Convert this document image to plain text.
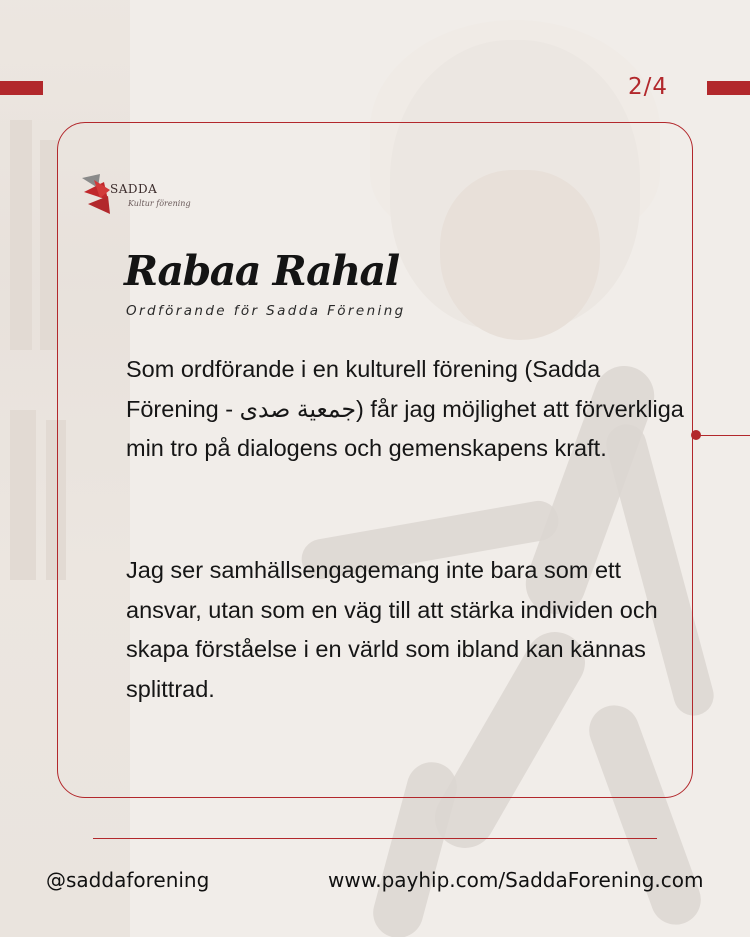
2/4
SADDA
Kultur förening
Rabaa Rahal
Ordförande för Sadda Förening
Som ordförande i en kulturell förening (Sadda Förening - جمعية صدى) får jag möjlighet att förverkliga min tro på dialogens och gemenskapens kraft.
Jag ser samhällsengagemang inte bara som ett ansvar, utan som en väg till att stärka individen och skapa förståelse i en värld som ibland kan kännas splittrad.
@saddaforening	www.payhip.com/SaddaForening.com
